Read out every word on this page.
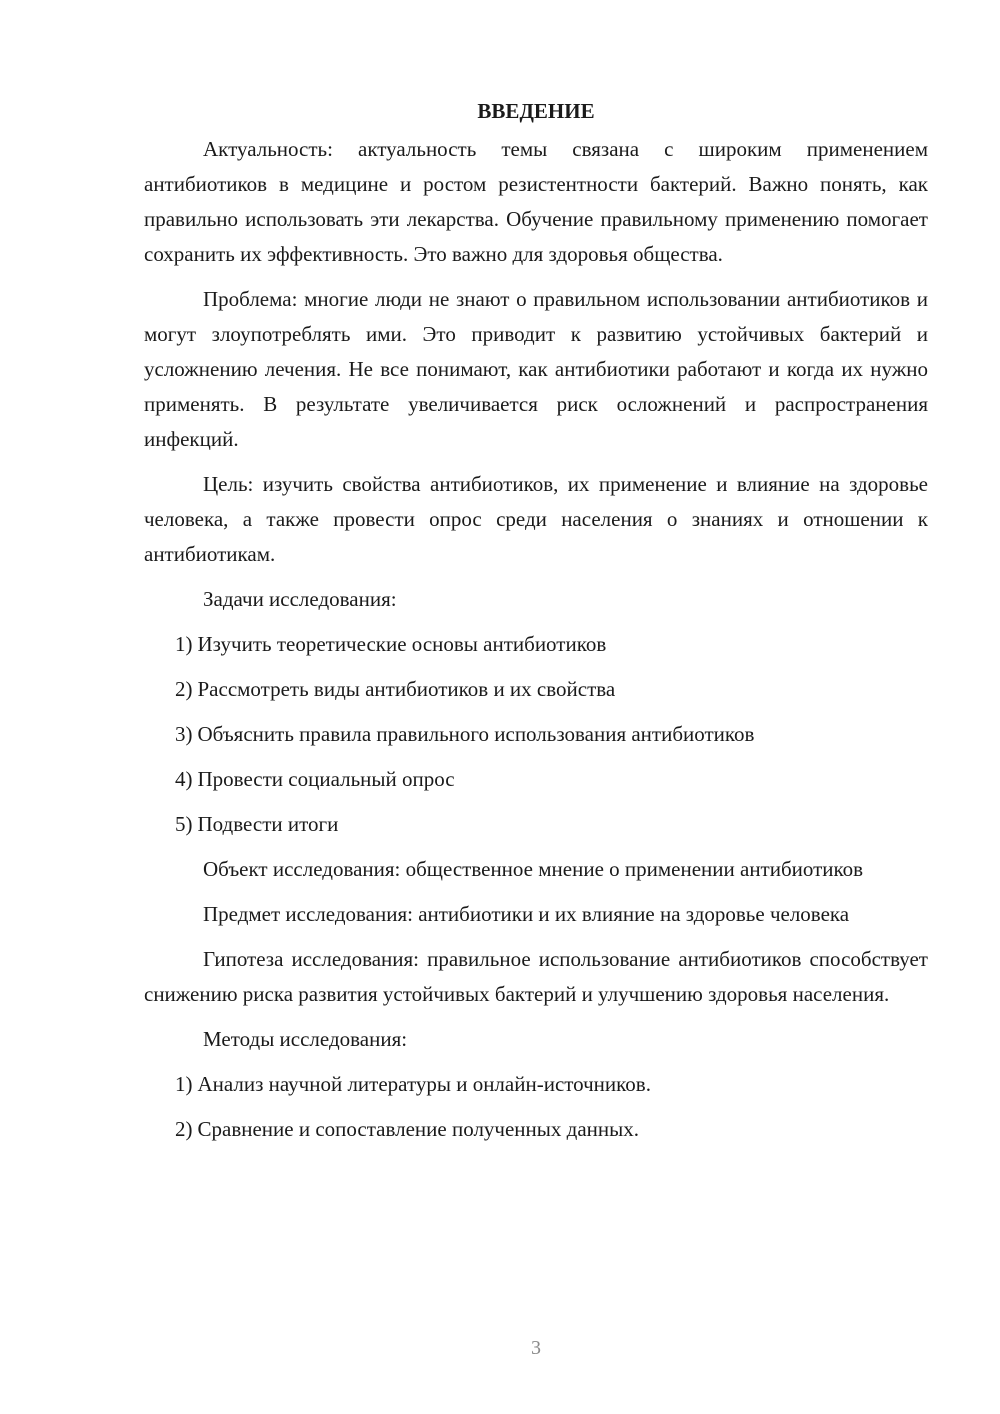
ВВЕДЕНИЕ

Актуальность: актуальность темы связана с широким применением антибиотиков в медицине и ростом резистентности бактерий. Важно понять, как правильно использовать эти лекарства. Обучение правильному применению помогает сохранить их эффективность. Это важно для здоровья общества.

Проблема: многие люди не знают о правильном использовании антибиотиков и могут злоупотреблять ими. Это приводит к развитию устойчивых бактерий и усложнению лечения. Не все понимают, как антибиотики работают и когда их нужно применять. В результате увеличивается риск осложнений и распространения инфекций.

Цель: изучить свойства антибиотиков, их применение и влияние на здоровье человека, а также провести опрос среди населения о знаниях и отношении к антибиотикам.

Задачи исследования:
1) Изучить теоретические основы антибиотиков
2) Рассмотреть виды антибиотиков и их свойства
3) Объяснить правила правильного использования антибиотиков
4) Провести социальный опрос
5) Подвести итоги

Объект исследования: общественное мнение о применении антибиотиков

Предмет исследования: антибиотики и их влияние на здоровье человека

Гипотеза исследования: правильное использование антибиотиков способствует снижению риска развития устойчивых бактерий и улучшению здоровья населения.

Методы исследования:
1) Анализ научной литературы и онлайн-источников.
2) Сравнение и сопоставление полученных данных.
3
